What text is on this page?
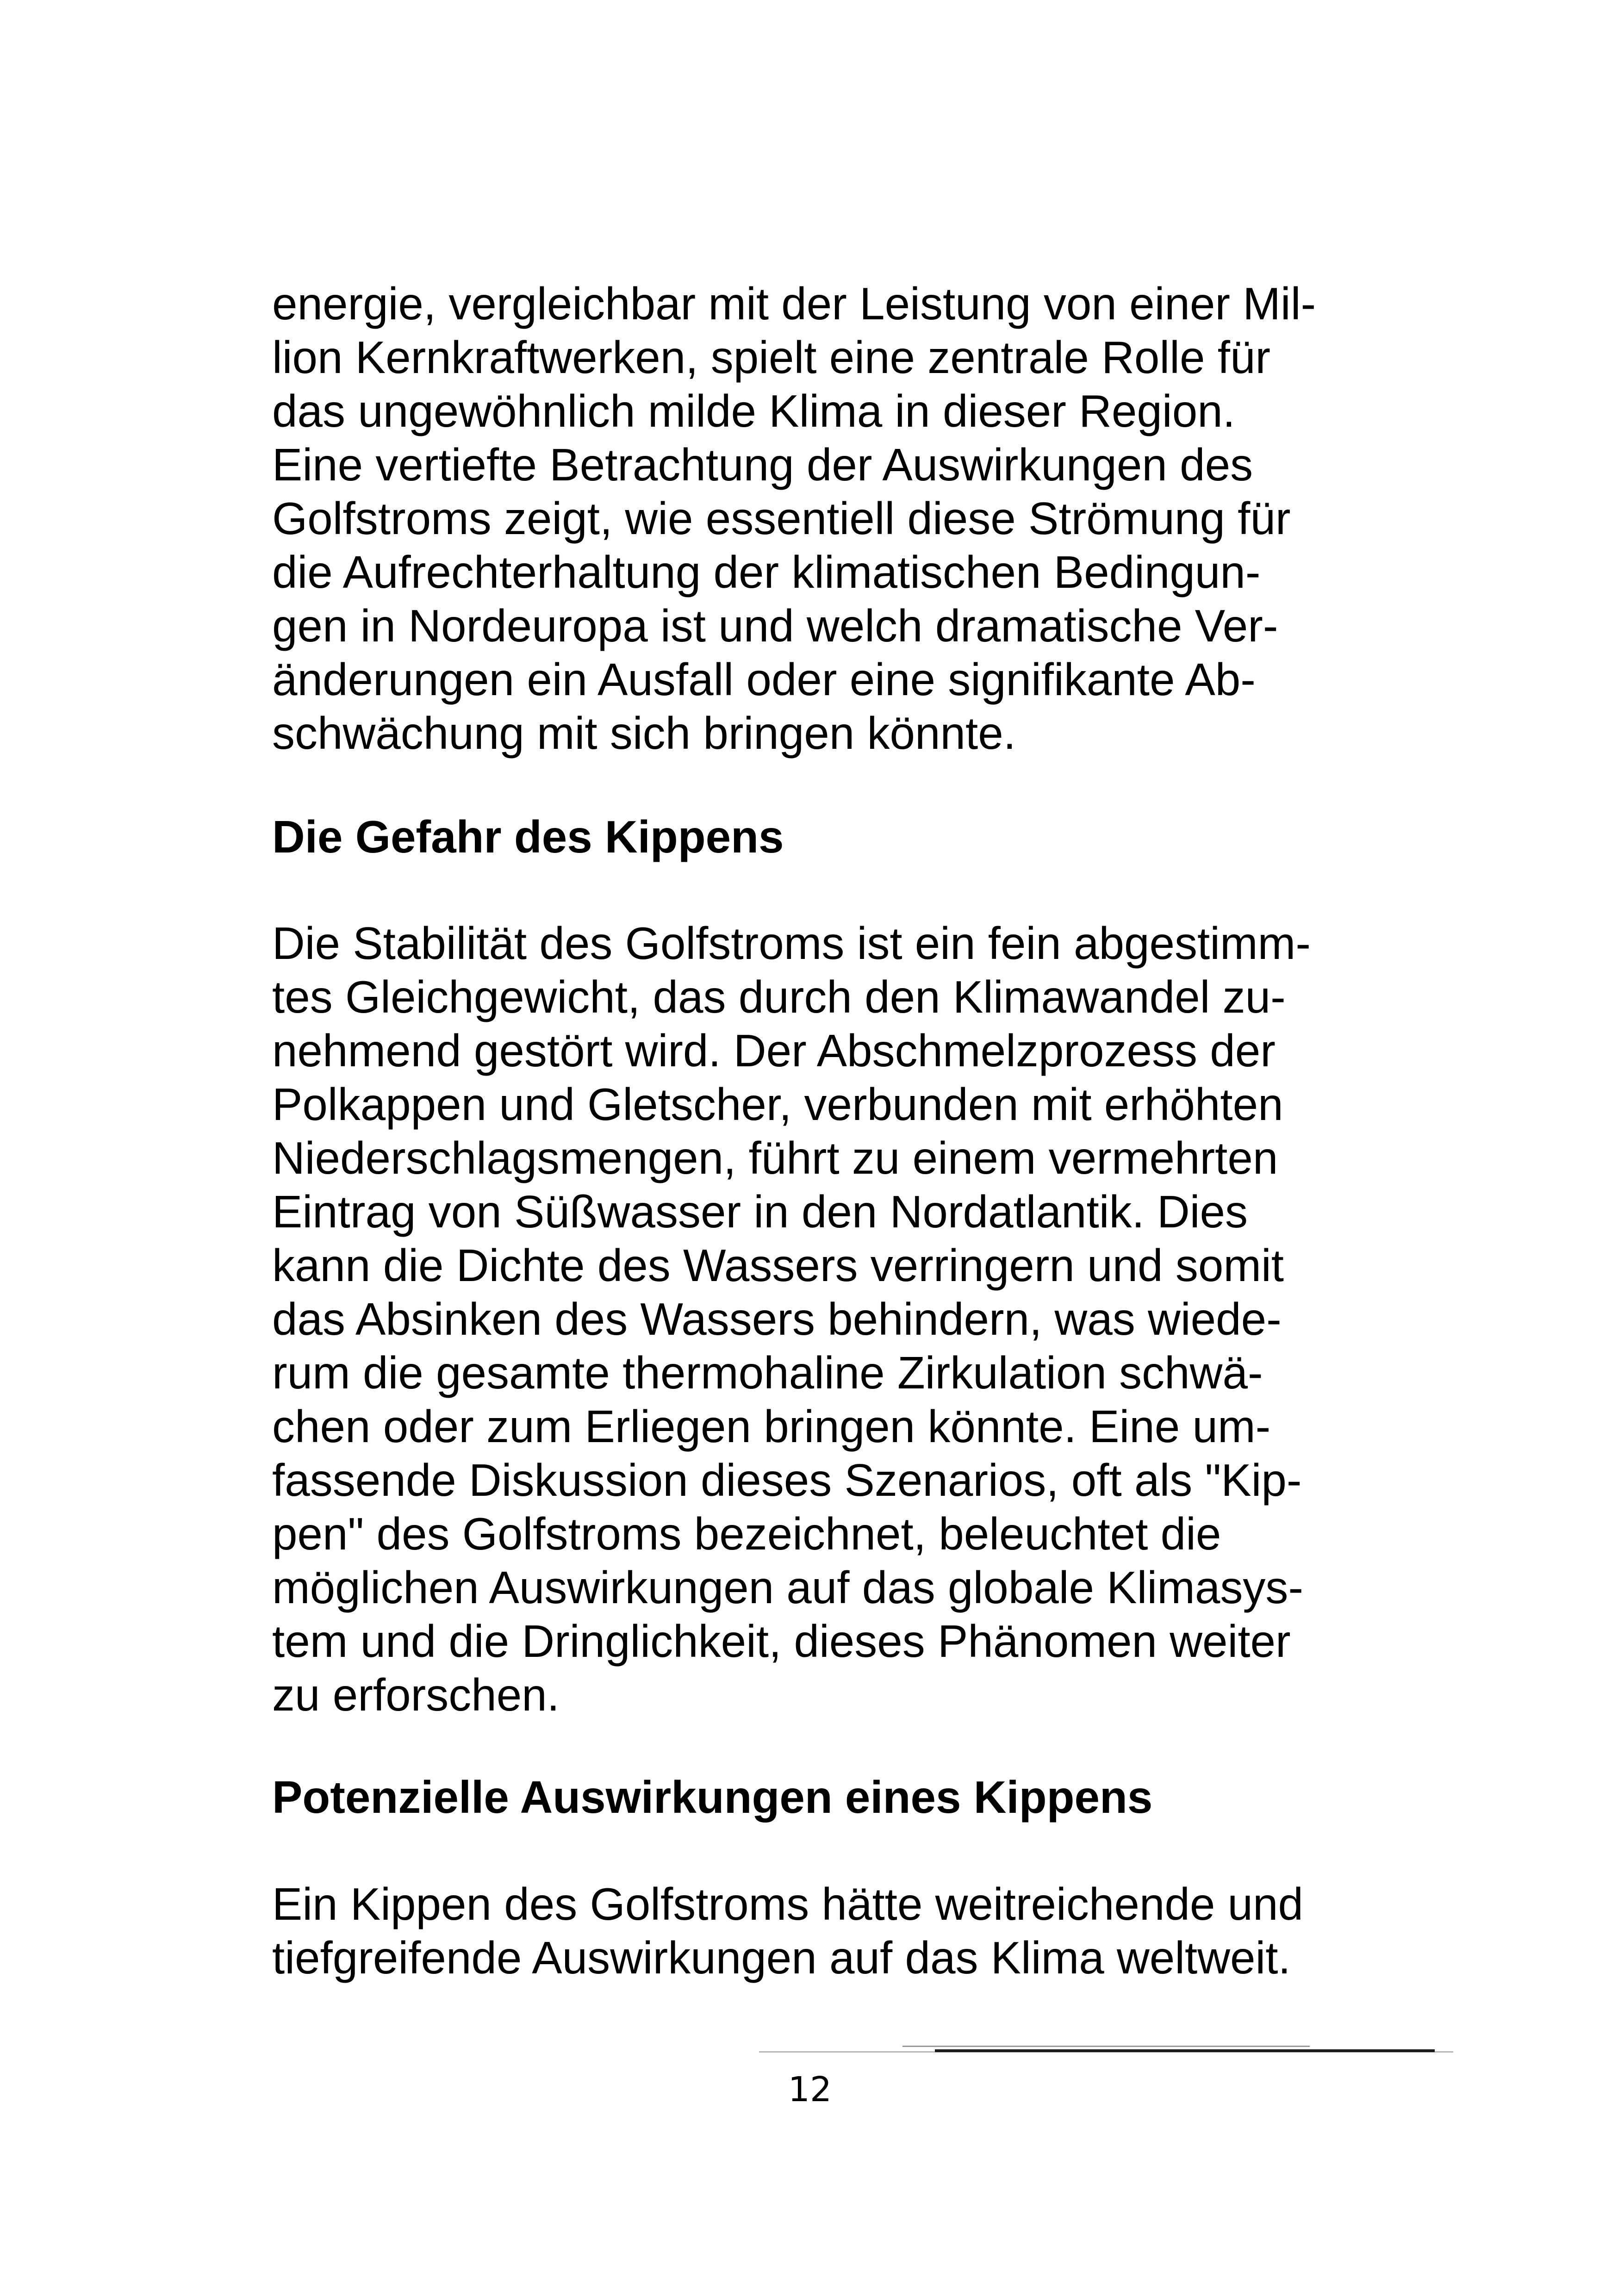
energie, vergleichbar mit der Leistung von einer Mil-
lion Kernkraftwerken, spielt eine zentrale Rolle für
das ungewöhnlich milde Klima in dieser Region.
Eine vertiefte Betrachtung der Auswirkungen des
Golfstroms zeigt, wie essentiell diese Strömung für
die Aufrechterhaltung der klimatischen Bedingun-
gen in Nordeuropa ist und welch dramatische Ver-
änderungen ein Ausfall oder eine signifikante Ab-
schwächung mit sich bringen könnte.
Die Gefahr des Kippens
Die Stabilität des Golfstroms ist ein fein abgestimm-
tes Gleichgewicht, das durch den Klimawandel zu-
nehmend gestört wird. Der Abschmelzprozess der
Polkappen und Gletscher, verbunden mit erhöhten
Niederschlagsmengen, führt zu einem vermehrten
Eintrag von Süßwasser in den Nordatlantik. Dies
kann die Dichte des Wassers verringern und somit
das Absinken des Wassers behindern, was wiede-
rum die gesamte thermohaline Zirkulation schwä-
chen oder zum Erliegen bringen könnte. Eine um-
fassende Diskussion dieses Szenarios, oft als "Kip-
pen" des Golfstroms bezeichnet, beleuchtet die
möglichen Auswirkungen auf das globale Klimasys-
tem und die Dringlichkeit, dieses Phänomen weiter
zu erforschen.
Potenzielle Auswirkungen eines Kippens
Ein Kippen des Golfstroms hätte weitreichende und
tiefgreifende Auswirkungen auf das Klima weltweit.
12
